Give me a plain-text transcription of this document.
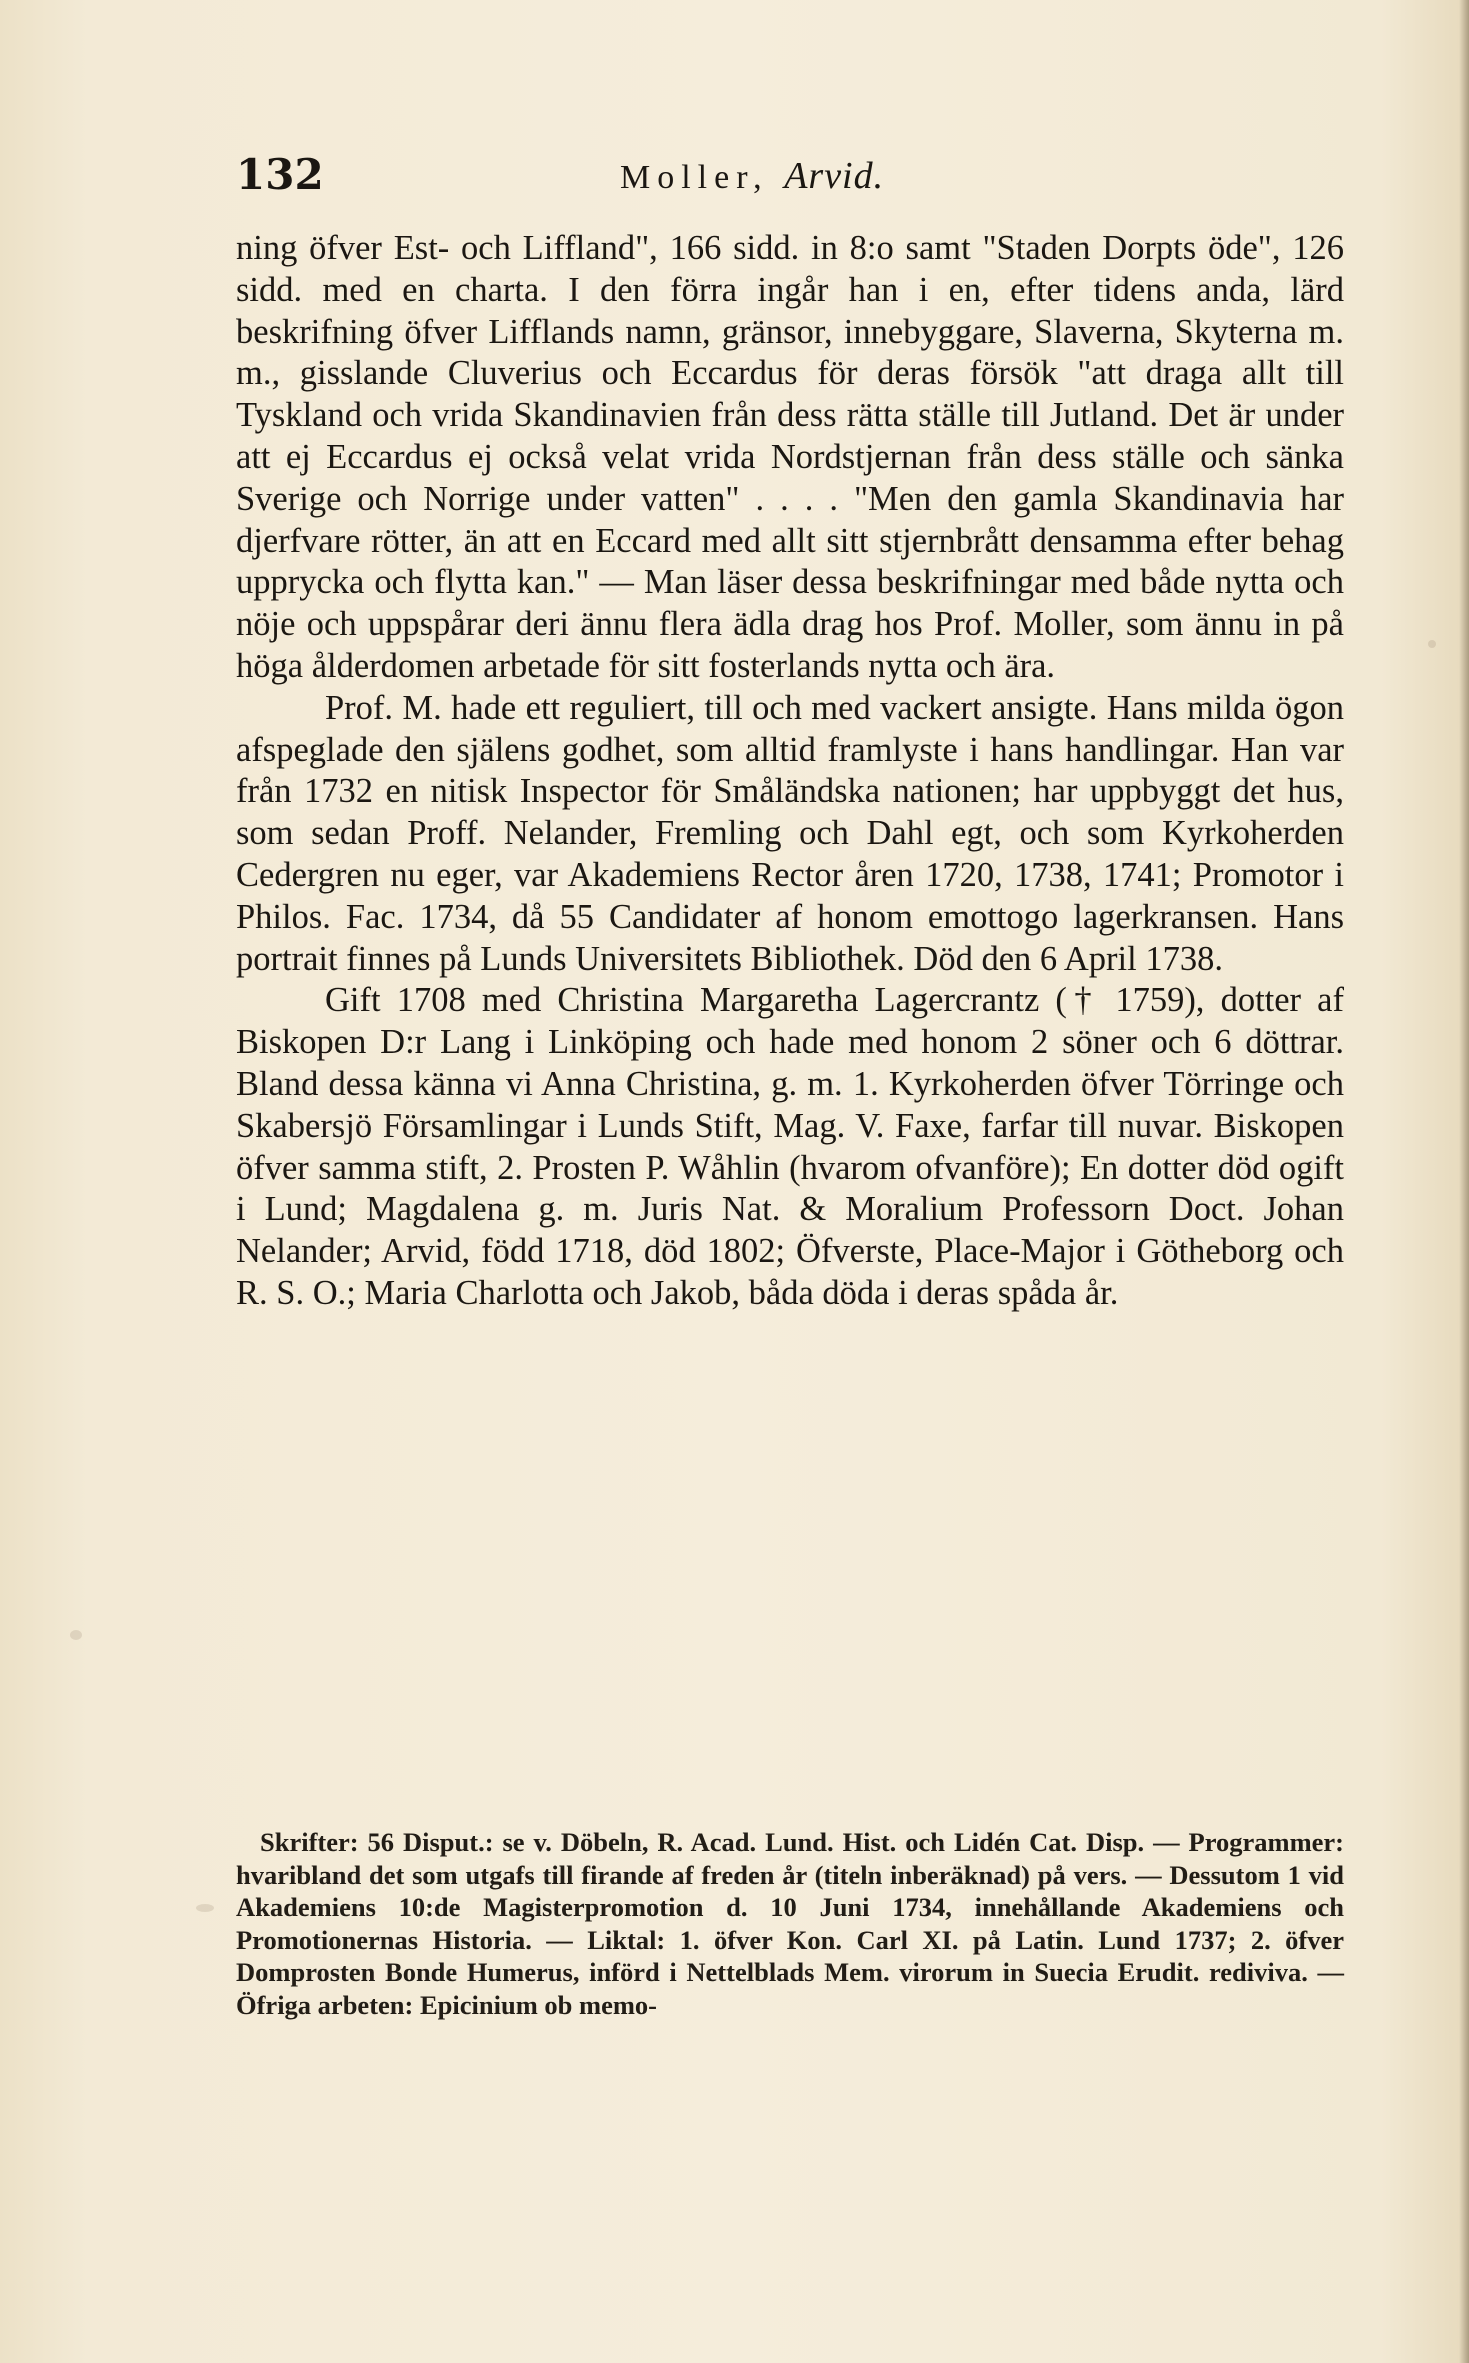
132	Moller, Arvid.

ning öfver Est- och Liffland", 166 sidd. in 8:o samt "Staden Dorpts öde", 126 sidd. med en charta. I den förra ingår han i en, efter tidens anda, lärd beskrifning öfver Lifflands namn, gränsor, innebyggare, Slaverna, Skyterna m. m., gisslande Cluverius och Eccardus för deras försök "att draga allt till Tyskland och vrida Skandinavien från dess rätta ställe till Jutland. Det är under att ej Eccardus ej också velat vrida Nordstjernan från dess ställe och sänka Sverige och Norrige under vatten" . . . . "Men den gamla Skandinavia har djerfvare rötter, än att en Eccard med allt sitt stjernbrått densamma efter behag upprycka och flytta kan." — Man läser dessa beskrifningar med både nytta och nöje och uppspårar deri ännu flera ädla drag hos Prof. Moller, som ännu in på höga ålderdomen arbetade för sitt fosterlands nytta och ära.

Prof. M. hade ett reguliert, till och med vackert ansigte. Hans milda ögon afspeglade den själens godhet, som alltid framlyste i hans handlingar. Han var från 1732 en nitisk Inspector för Småländska nationen; har uppbyggt det hus, som sedan Proff. Nelander, Fremling och Dahl egt, och som Kyrkoherden Cedergren nu eger, var Akademiens Rector åren 1720, 1738, 1741; Promotor i Philos. Fac. 1734, då 55 Candidater af honom emottogo lagerkransen. Hans portrait finnes på Lunds Universitets Bibliothek. Död den 6 April 1738.

Gift 1708 med Christina Margaretha Lagercrantz († 1759), dotter af Biskopen D:r Lang i Linköping och hade med honom 2 söner och 6 döttrar. Bland dessa känna vi Anna Christina, g. m. 1. Kyrkoherden öfver Törringe och Skabersjö Församlingar i Lunds Stift, Mag. V. Faxe, farfar till nuvar. Biskopen öfver samma stift, 2. Prosten P. Wåhlin (hvarom ofvanföre); En dotter död ogift i Lund; Magdalena g. m. Juris Nat. & Moralium Professorn Doct. Johan Nelander; Arvid, född 1718, död 1802; Öfverste, Place-Major i Götheborg och R. S. O.; Maria Charlotta och Jakob, båda döda i deras spåda år.

Skrifter: 56 Disput.: se v. Döbeln, R. Acad. Lund. Hist. och Lidén Cat. Disp. — Programmer: hvaribland det som utgafs till firande af freden år (titeln inberäknad) på vers. — Dessutom 1 vid Akademiens 10:de Magisterpromotion d. 10 Juni 1734, innehållande Akademiens och Promotionernas Historia. — Liktal: 1. öfver Kon. Carl XI. på Latin. Lund 1737; 2. öfver Domprosten Bonde Humerus, införd i Nettelblads Mem. virorum in Suecia Erudit. rediviva. — Öfriga arbeten: Epicinium ob memo-
